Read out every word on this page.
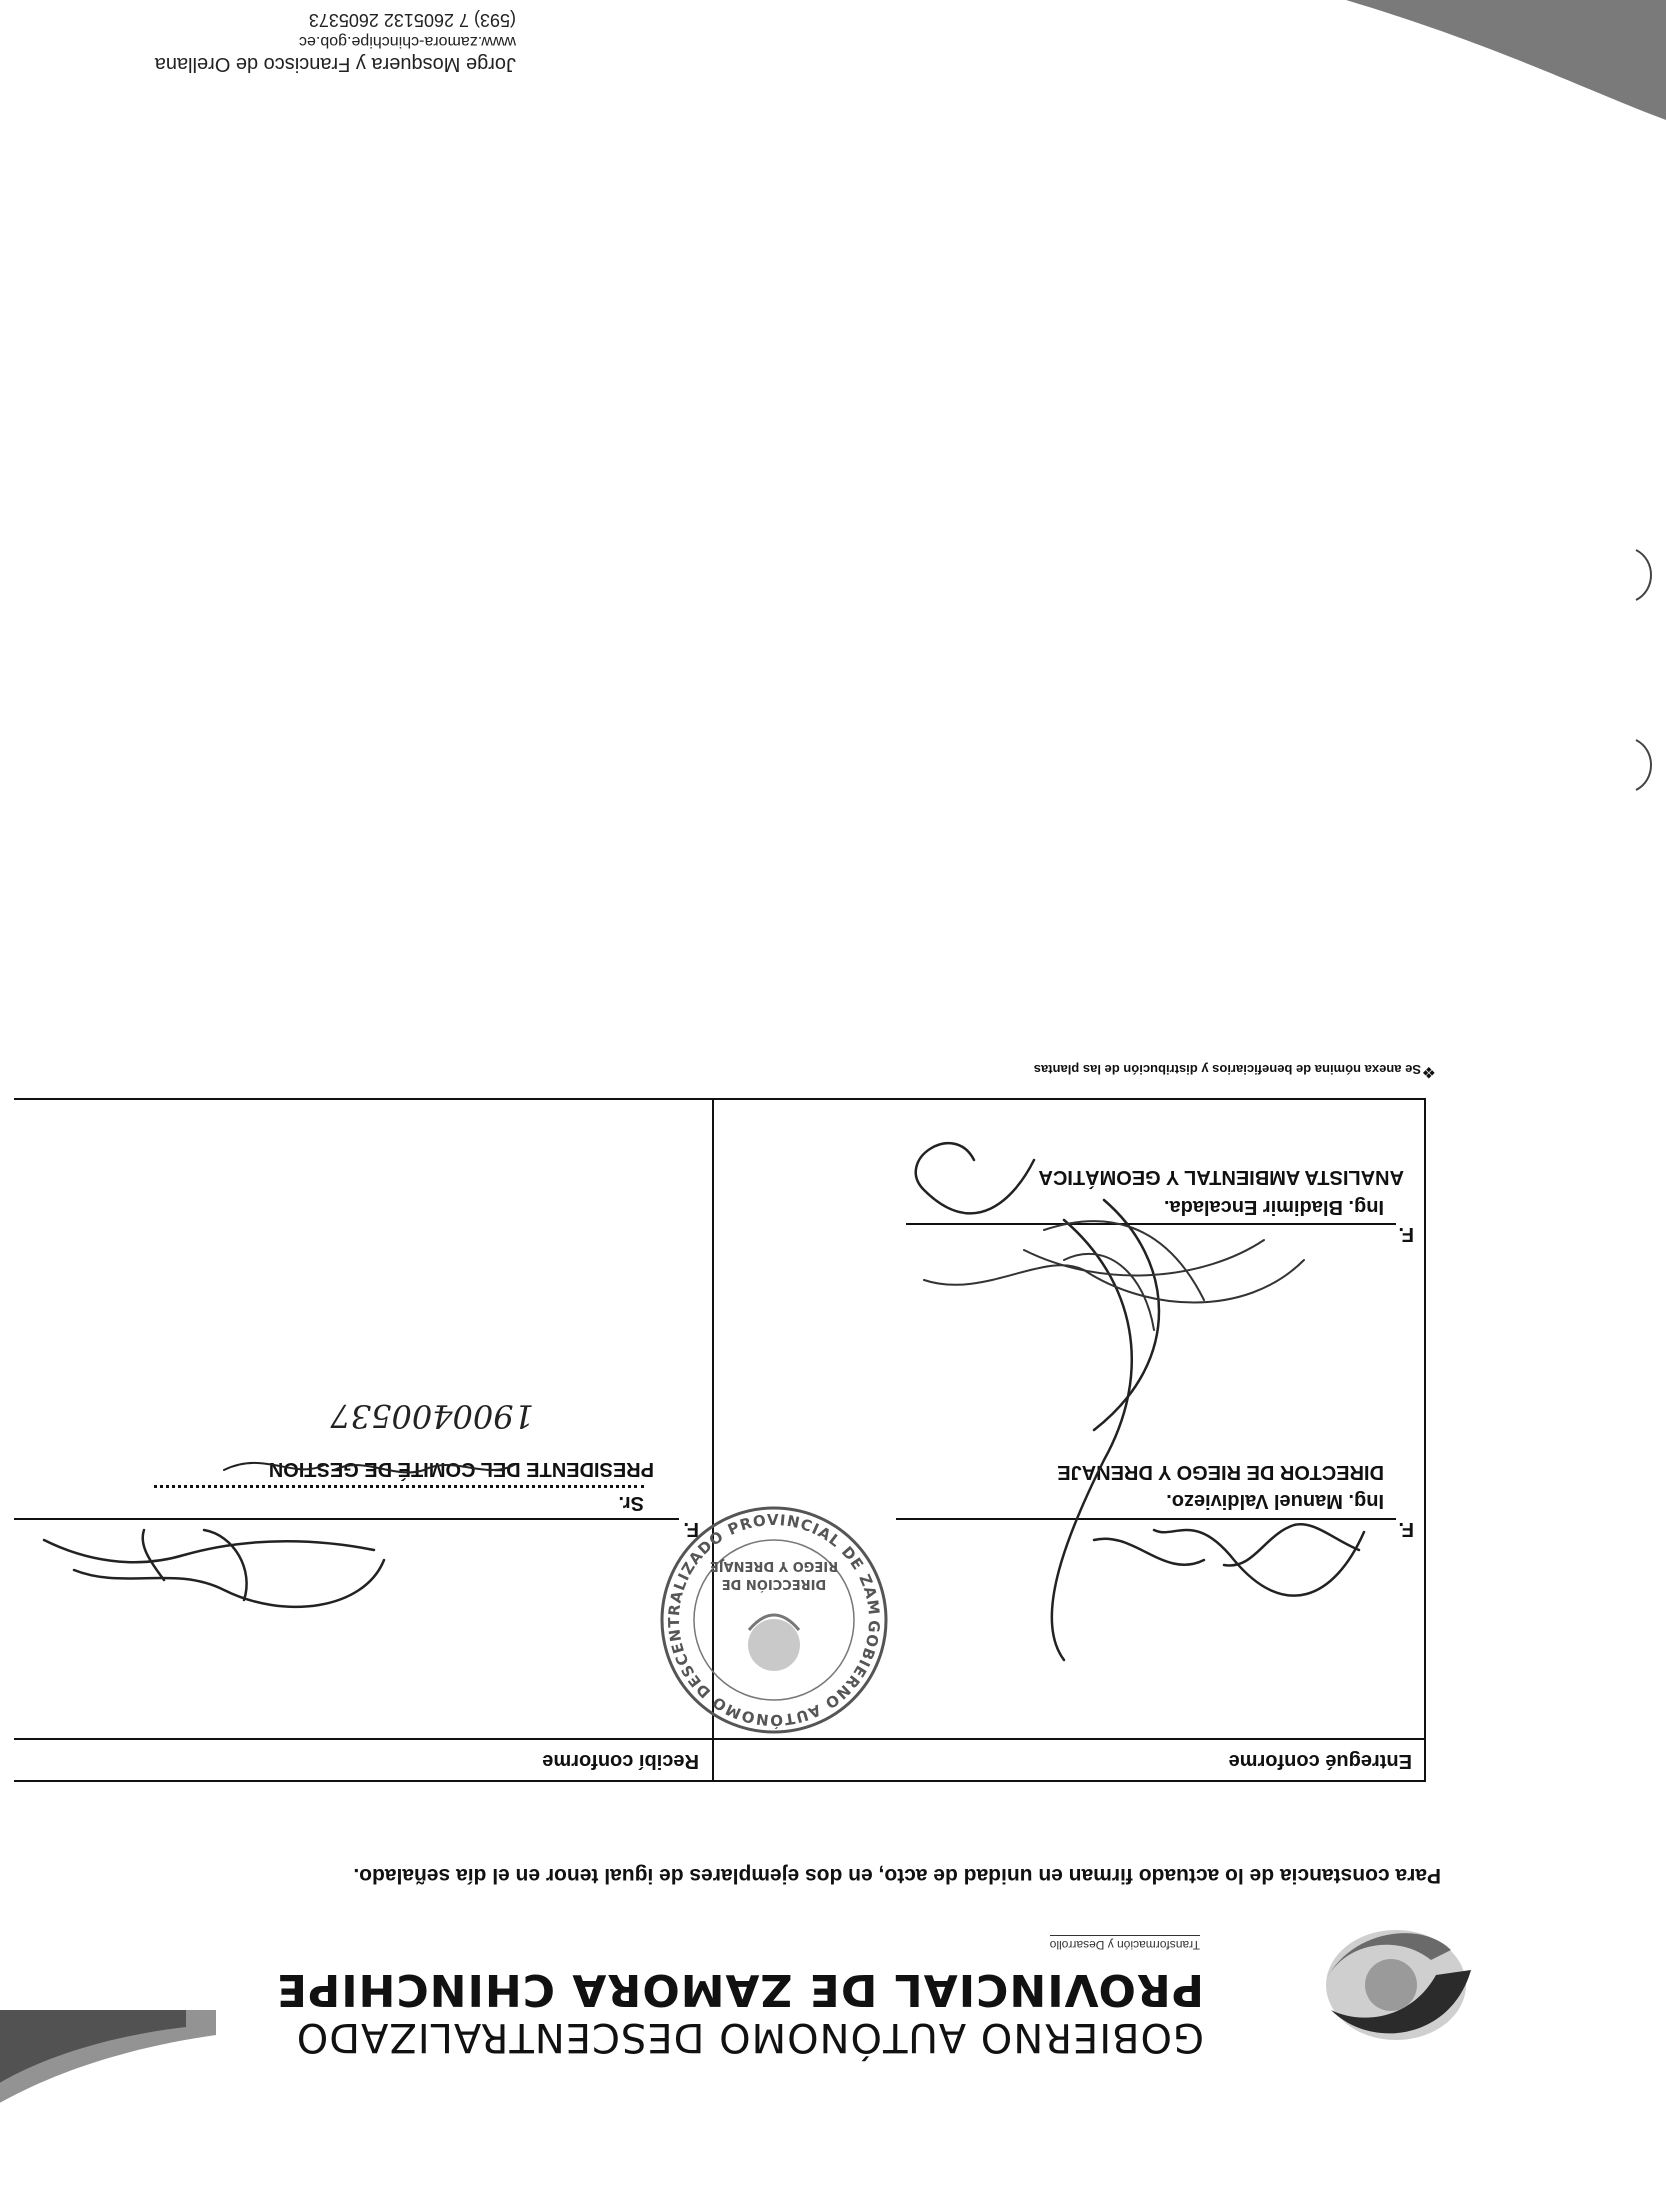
GOBIERNO AUTÓNOMO DESCENTRALIZADO
PROVINCIAL DE ZAMORA CHINCHIPE
Transformación y Desarrollo
Para constancia de lo actuado firman en unidad de acto, en dos ejemplares de igual tenor en el día señalado.
Entregué conforme
Recibí conforme
F.
Ing. Manuel Valdiviezo.
DIRECTOR DE RIEGO Y DRENAJE
F.
Sr.
PRESIDENTE DEL COMITÉ DE GESTION
1900400537
F.
Ing. Bladimir Encalada.
ANALISTA AMBIENTAL Y GEOMÁTICA
GOBIERNO AUTÓNOMO DESCENTRALIZADO PROVINCIAL DE ZAMORA CHINCHIPE
DIRECCIÓN DE
RIEGO Y DRENAJE
❖
Se anexa nómina de beneficiarios y distribución de las plantas
Jorge Mosquera y Francisco de Orellana
www.zamora-chinchipe.gob.ec
(593) 7 2605132 2605373
